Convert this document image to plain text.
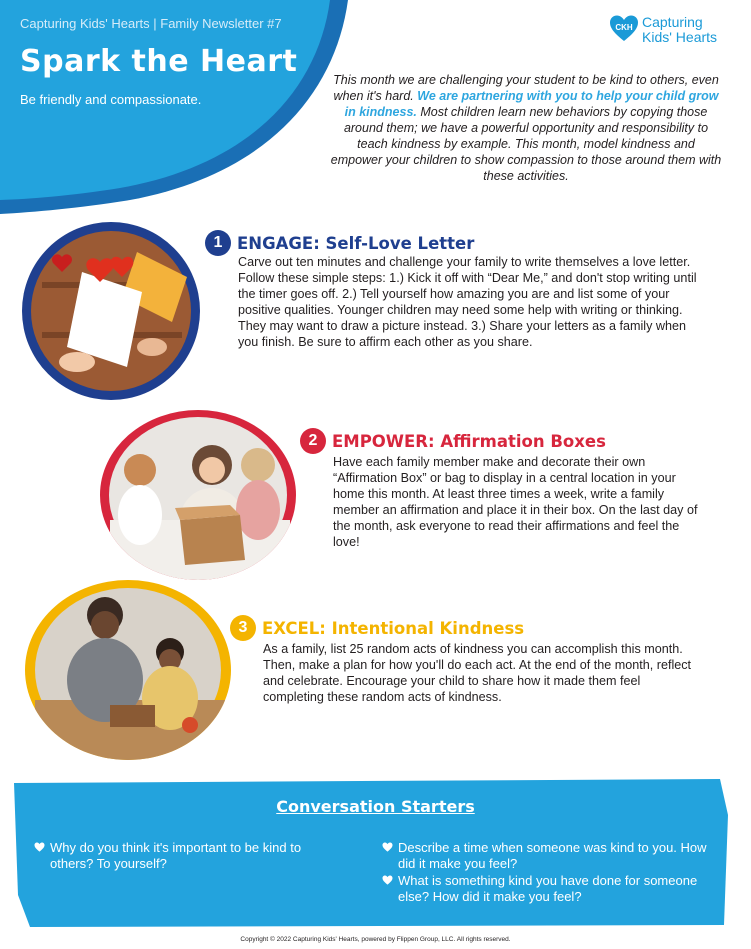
Capturing Kids' Hearts | Family Newsletter #7
Spark the Heart
Be friendly and compassionate.
CKH Capturing
Kids' Hearts
This month we are challenging your student to be kind to others, even when it's hard. We are partnering with you to help your child grow in kindness. Most children learn new behaviors by copying those around them; we have a powerful opportunity and responsibility to teach kindness by example. This month, model kindness and empower your children to show compassion to those around them with these activities.
1 ENGAGE: Self-Love Letter
Carve out ten minutes and challenge your family to write themselves a love letter. Follow these simple steps: 1.) Kick it off with “Dear Me,” and don't stop writing until the timer goes off. 2.) Tell yourself how amazing you are and list some of your positive qualities. Younger children may need some help with writing or thinking. They may want to draw a picture instead. 3.) Share your letters as a family when you finish. Be sure to affirm each other as you share.
2 EMPOWER: Affirmation Boxes
Have each family member make and decorate their own “Affirmation Box” or bag to display in a central location in your home this month. At least three times a week, write a family member an affirmation and place it in their box. On the last day of the month, ask everyone to read their affirmations and feel the love!
3 EXCEL: Intentional Kindness
As a family, list 25 random acts of kindness you can accomplish this month. Then, make a plan for how you'll do each act. At the end of the month, reflect and celebrate. Encourage your child to share how it made them feel completing these random acts of kindness.
Conversation Starters
Why do you think it's important to be kind to others? To yourself?
Describe a time when someone was kind to you. How did it make you feel?
What is something kind you have done for someone else? How did it make you feel?
Copyright © 2022 Capturing Kids' Hearts, powered by Flippen Group, LLC. All rights reserved.
